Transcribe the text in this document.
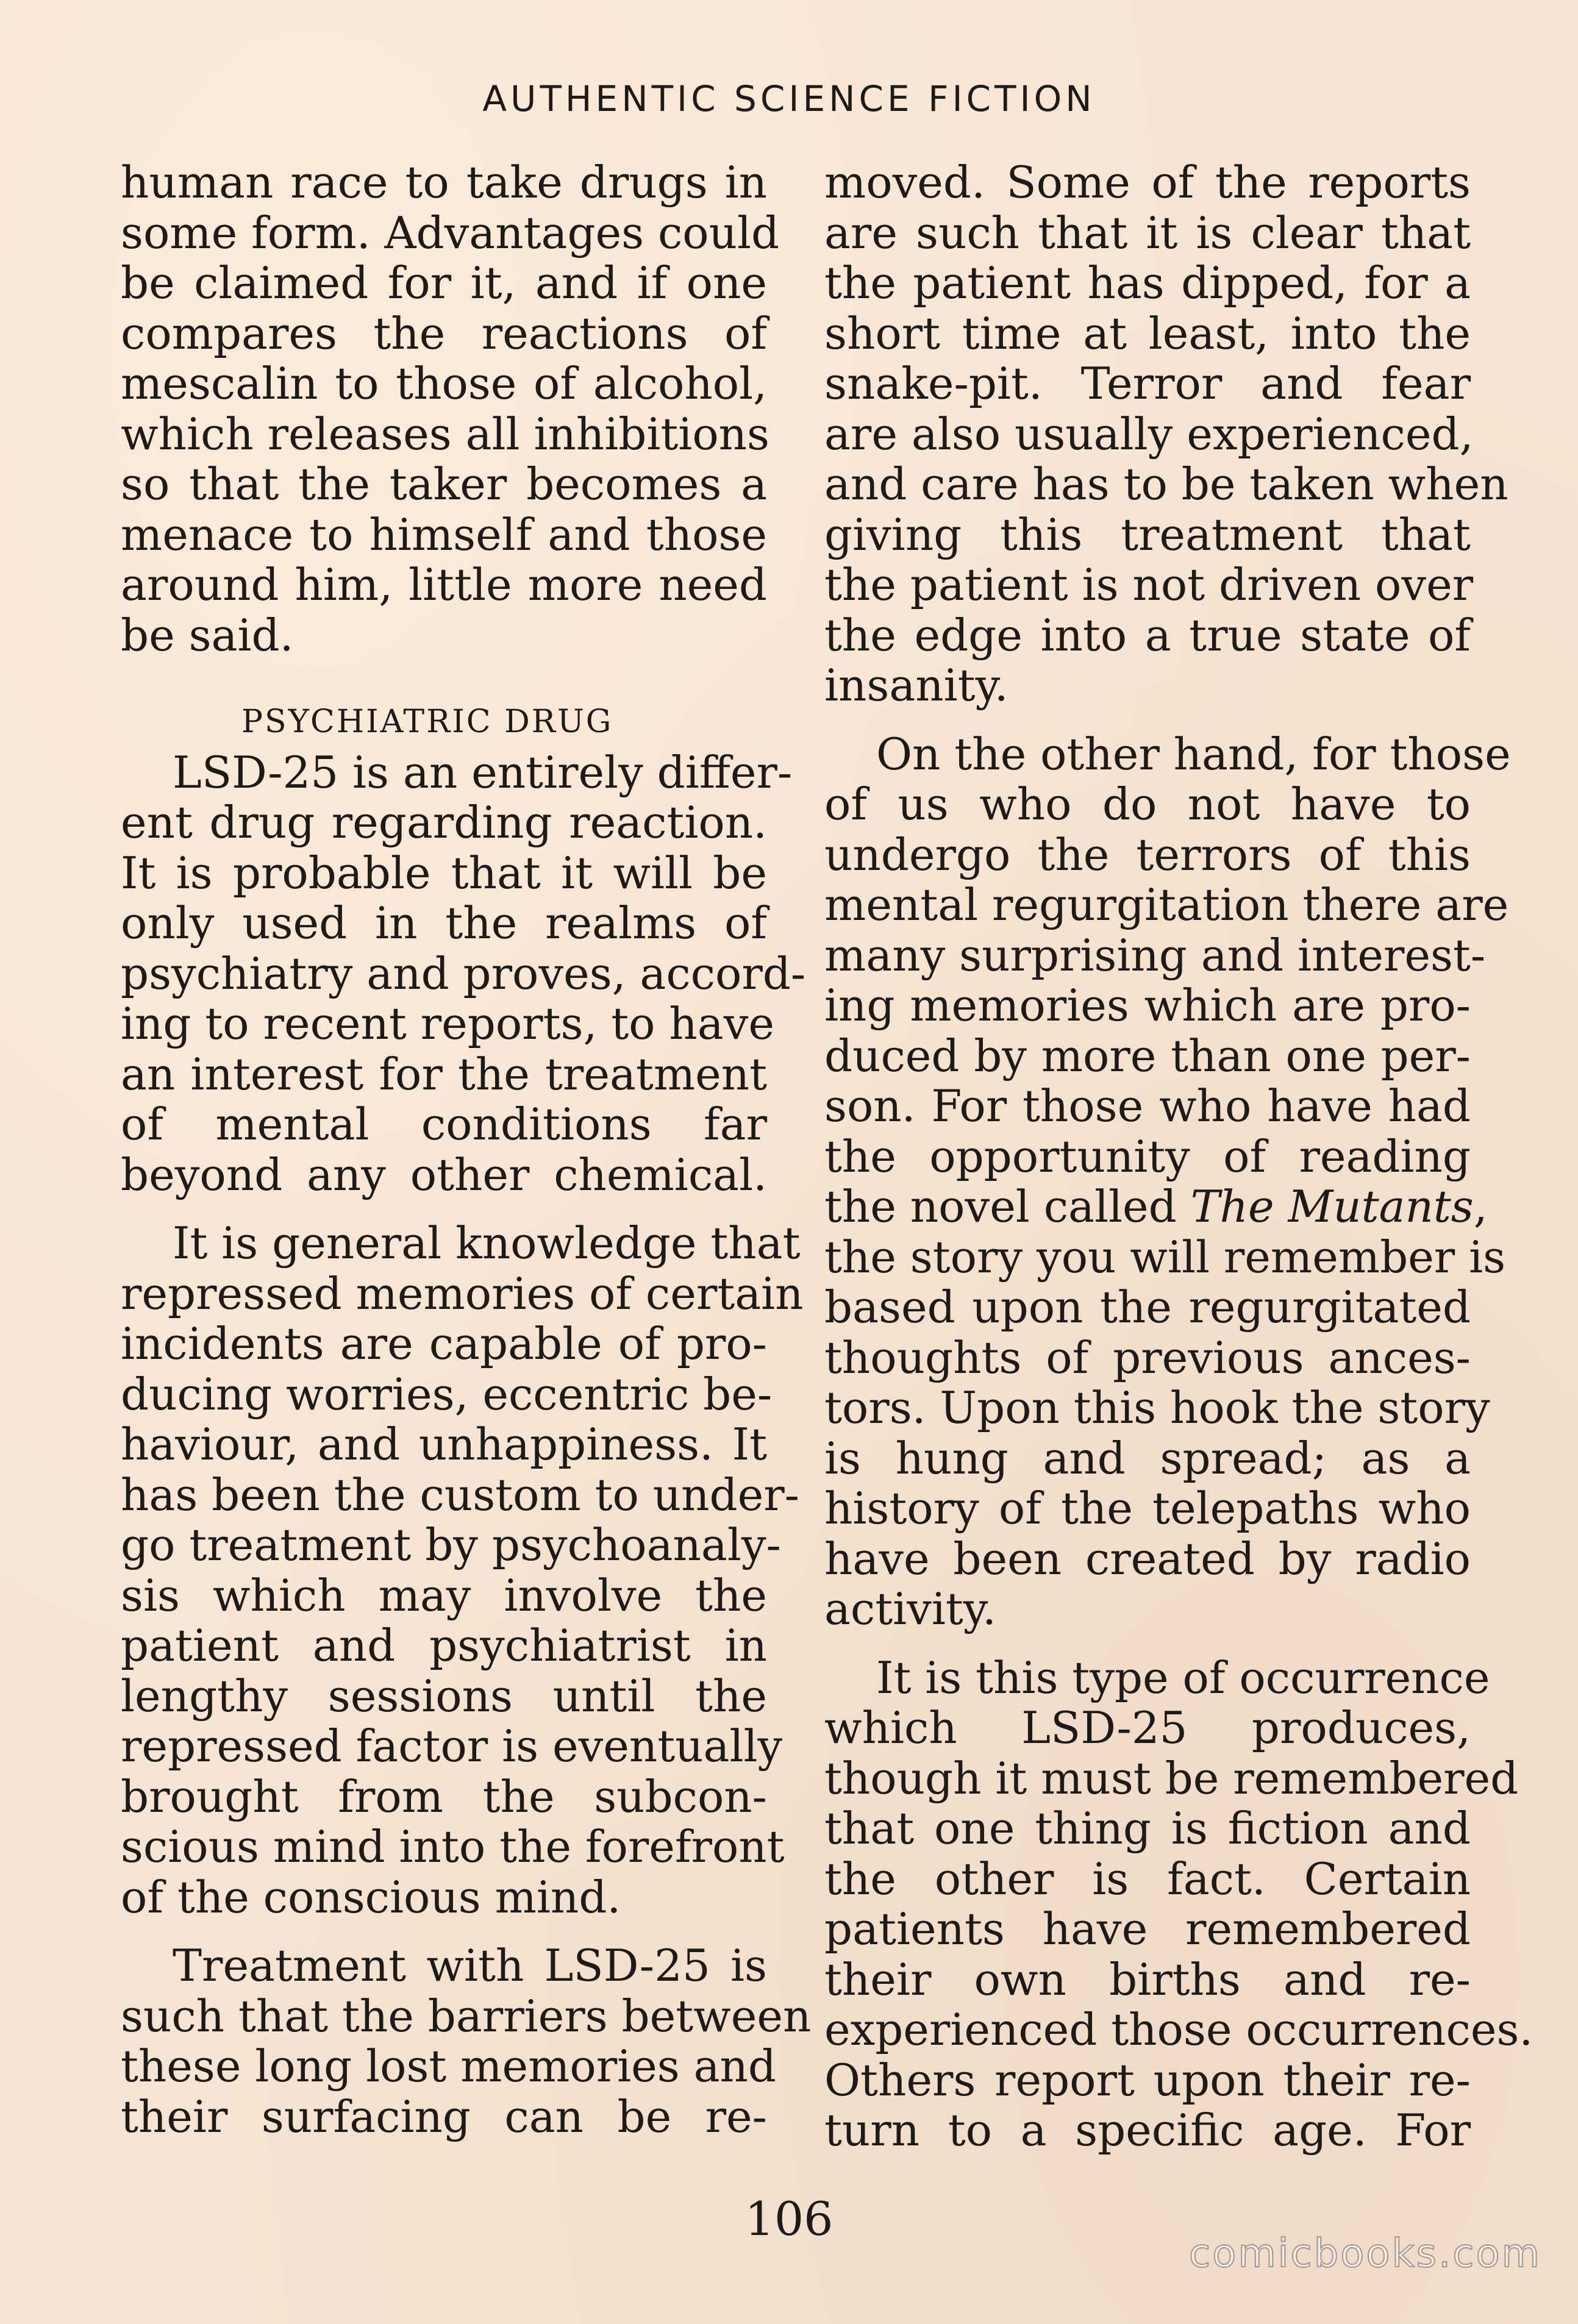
AUTHENTIC SCIENCE FICTION
human race to take drugs in
some form. Advantages could
be claimed for it, and if one
compares the reactions of
mescalin to those of alcohol,
which releases all inhibitions
so that the taker becomes a
menace to himself and those
around him, little more need
be said.
PSYCHIATRIC DRUG
LSD-25 is an entirely differ-
ent drug regarding reaction.
It is probable that it will be
only used in the realms of
psychiatry and proves, accord-
ing to recent reports, to have
an interest for the treatment
of mental conditions far
beyond any other chemical.
It is general knowledge that
repressed memories of certain
incidents are capable of pro-
ducing worries, eccentric be-
haviour, and unhappiness. It
has been the custom to under-
go treatment by psychoanaly-
sis which may involve the
patient and psychiatrist in
lengthy sessions until the
repressed factor is eventually
brought from the subcon-
scious mind into the forefront
of the conscious mind.
Treatment with LSD-25 is
such that the barriers between
these long lost memories and
their surfacing can be re-
moved. Some of the reports
are such that it is clear that
the patient has dipped, for a
short time at least, into the
snake-pit. Terror and fear
are also usually experienced,
and care has to be taken when
giving this treatment that
the patient is not driven over
the edge into a true state of
insanity.
On the other hand, for those
of us who do not have to
undergo the terrors of this
mental regurgitation there are
many surprising and interest-
ing memories which are pro-
duced by more than one per-
son. For those who have had
the opportunity of reading
the novel called The Mutants,
the story you will remember is
based upon the regurgitated
thoughts of previous ances-
tors. Upon this hook the story
is hung and spread; as a
history of the telepaths who
have been created by radio
activity.
It is this type of occurrence
which LSD-25 produces,
though it must be remembered
that one thing is fiction and
the other is fact. Certain
patients have remembered
their own births and re-
experienced those occurrences.
Others report upon their re-
turn to a specific age. For
106
comicbooks.com
